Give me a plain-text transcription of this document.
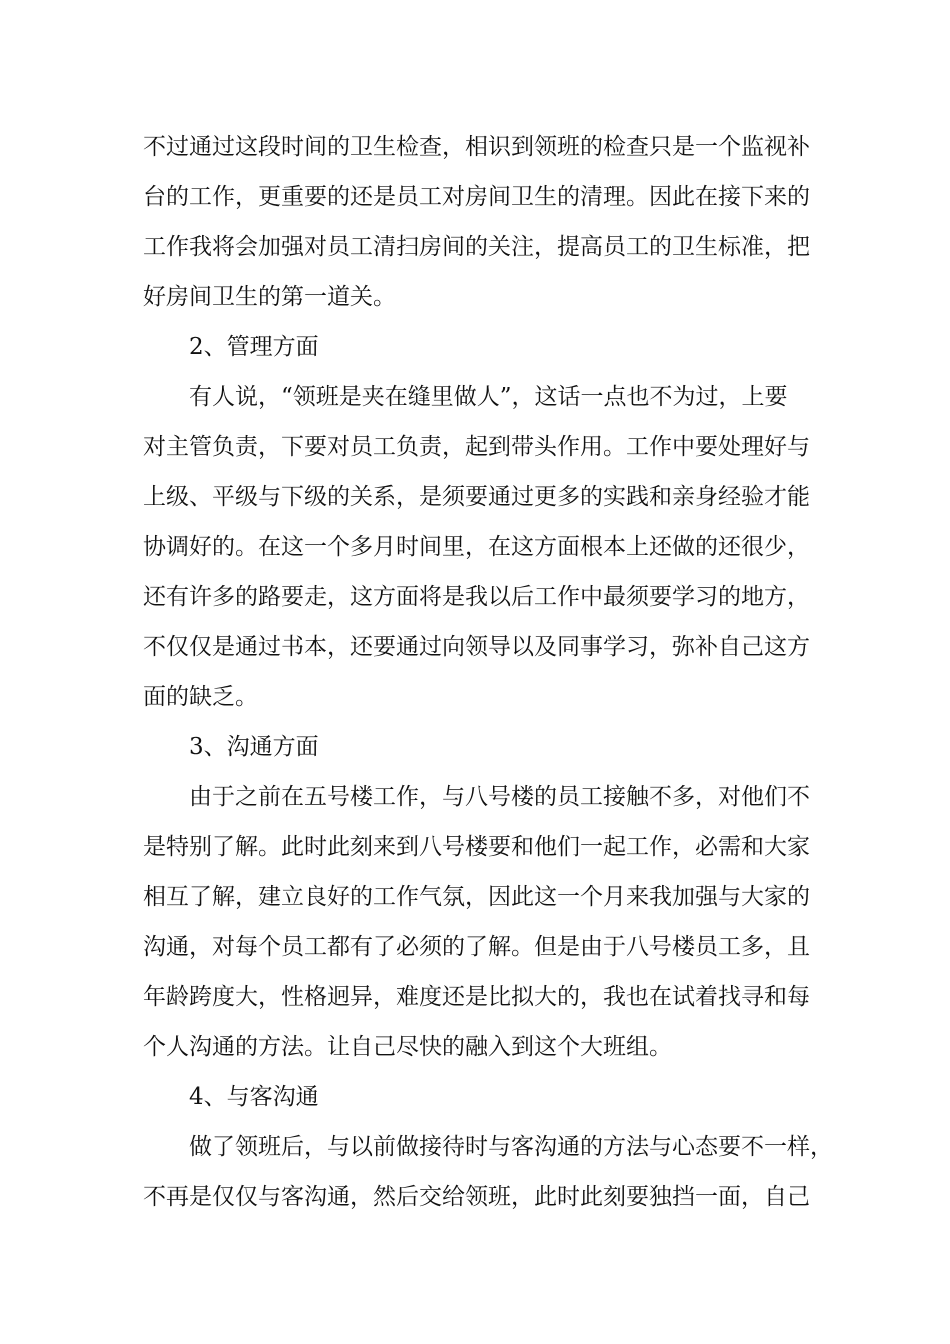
不过通过这段时间的卫生检查，相识到领班的检查只是一个监视补
台的工作，更重要的还是员工对房间卫生的清理。因此在接下来的
工作我将会加强对员工清扫房间的关注，提高员工的卫生标准，把
好房间卫生的第一道关。
2、管理方面
有人说，“领班是夹在缝里做人”，这话一点也不为过，上要
对主管负责，下要对员工负责，起到带头作用。工作中要处理好与
上级、平级与下级的关系，是须要通过更多的实践和亲身经验才能
协调好的。在这一个多月时间里，在这方面根本上还做的还很少，
还有许多的路要走，这方面将是我以后工作中最须要学习的地方，
不仅仅是通过书本，还要通过向领导以及同事学习，弥补自己这方
面的缺乏。
3、沟通方面
由于之前在五号楼工作，与八号楼的员工接触不多，对他们不
是特别了解。此时此刻来到八号楼要和他们一起工作，必需和大家
相互了解，建立良好的工作气氛，因此这一个月来我加强与大家的
沟通，对每个员工都有了必须的了解。但是由于八号楼员工多，且
年龄跨度大，性格迥异，难度还是比拟大的，我也在试着找寻和每
个人沟通的方法。让自己尽快的融入到这个大班组。
4、与客沟通
做了领班后，与以前做接待时与客沟通的方法与心态要不一样，
不再是仅仅与客沟通，然后交给领班，此时此刻要独挡一面，自己
